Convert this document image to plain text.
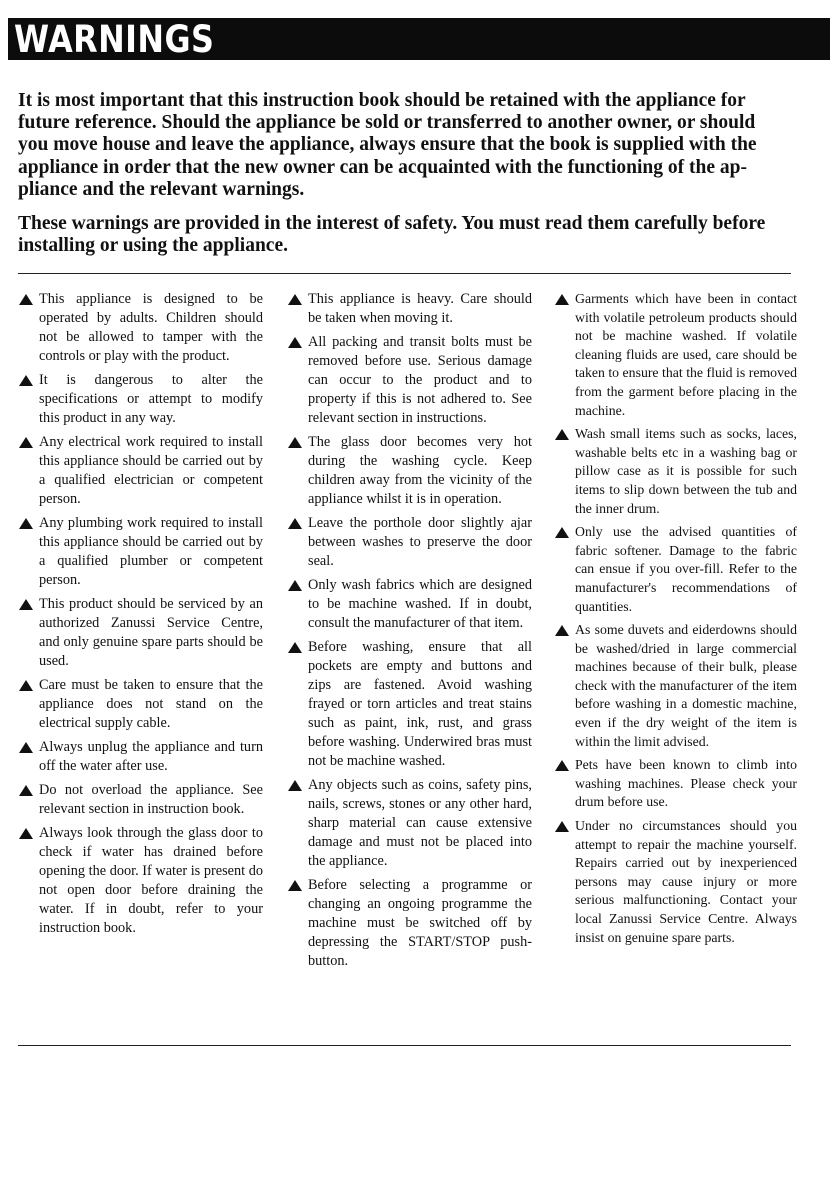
WARNINGS

It is most important that this instruction book should be retained with the appliance for future reference. Should the appliance be sold or transferred to another owner, or should you move house and leave the appliance, always ensure that the book is supplied with the appliance in order that the new owner can be acquainted with the functioning of the ap-pliance and the relevant warnings.

These warnings are provided in the interest of safety. You must read them carefully before installing or using the appliance.

This appliance is designed to be operated by adults. Children should not be allowed to tamper with the controls or play with the product.
It is dangerous to alter the specifications or attempt to modify this product in any way.
Any electrical work required to install this appliance should be carried out by a qualified electrician or competent person.
Any plumbing work required to install this appliance should be carried out by a qualified plumber or competent person.
This product should be serviced by an authorized Zanussi Service Centre, and only genuine spare parts should be used.
Care must be taken to ensure that the appliance does not stand on the electrical supply cable.
Always unplug the appliance and turn off the water after use.
Do not overload the appliance. See relevant section in instruction book.
Always look through the glass door to check if water has drained before opening the door. If water is present do not open door before draining the water. If in doubt, refer to your instruction book.
This appliance is heavy. Care should be taken when moving it.
All packing and transit bolts must be removed before use. Serious damage can occur to the product and to property if this is not adhered to. See relevant section in instructions.
The glass door becomes very hot during the washing cycle. Keep children away from the vicinity of the appliance whilst it is in operation.
Leave the porthole door slightly ajar between washes to preserve the door seal.
Only wash fabrics which are designed to be machine washed. If in doubt, consult the manufacturer of that item.
Before washing, ensure that all pockets are empty and buttons and zips are fastened. Avoid washing frayed or torn articles and treat stains such as paint, ink, rust, and grass before washing. Underwired bras must not be machine washed.
Any objects such as coins, safety pins, nails, screws, stones or any other hard, sharp material can cause extensive damage and must not be placed into the appliance.
Before selecting a programme or changing an ongoing programme the machine must be switched off by depressing the START/STOP push-button.
Garments which have been in contact with volatile petroleum products should not be machine washed. If volatile cleaning fluids are used, care should be taken to ensure that the fluid is removed from the garment before placing in the machine.
Wash small items such as socks, laces, washable belts etc in a washing bag or pillow case as it is possible for such items to slip down between the tub and the inner drum.
Only use the advised quantities of fabric softener. Damage to the fabric can ensue if you over-fill. Refer to the manufacturer's recommendations of quantities.
As some duvets and eiderdowns should be washed/dried in large commercial machines because of their bulk, please check with the manufacturer of the item before washing in a domestic machine, even if the dry weight of the item is within the limit advised.
Pets have been known to climb into washing machines. Please check your drum before use.
Under no circumstances should you attempt to repair the machine yourself. Repairs carried out by inexperienced persons may cause injury or more serious malfunctioning. Contact your local Zanussi Service Centre. Always insist on genuine spare parts.
